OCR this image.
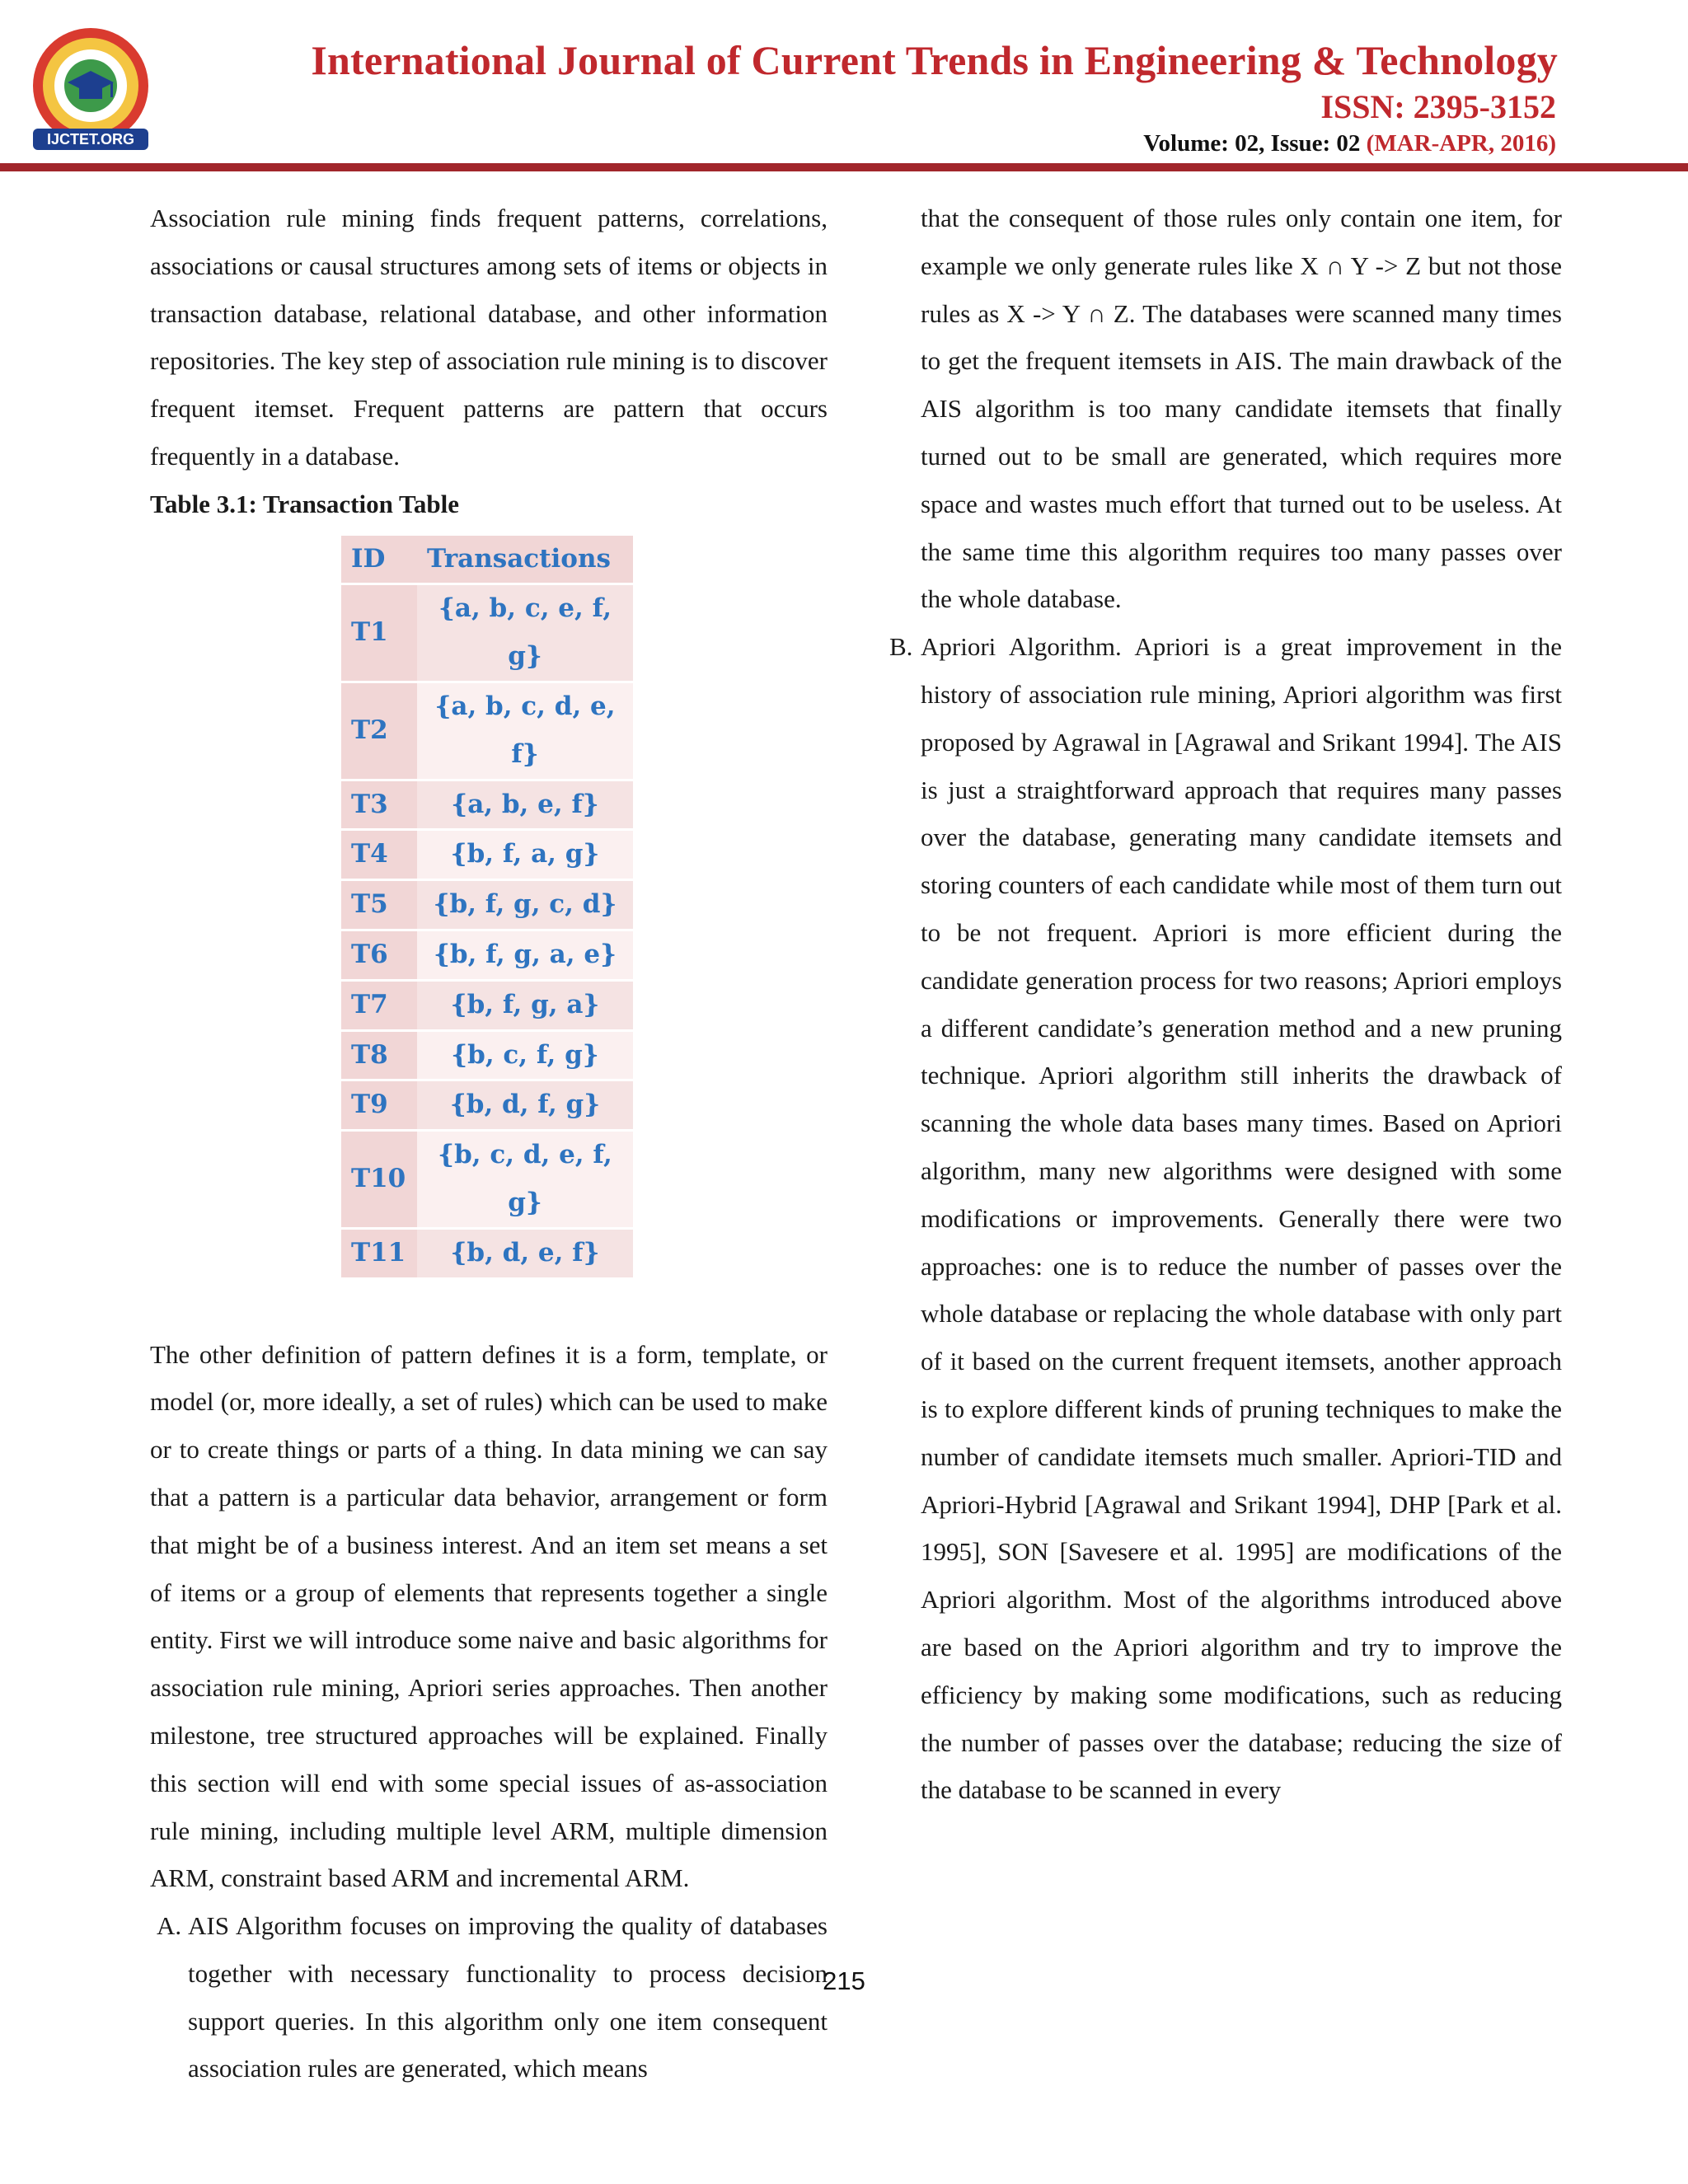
IJCTET.ORG
International Journal of Current Trends in Engineering & Technology
ISSN: 2395-3152
Volume: 02, Issue: 02 (MAR-APR, 2016)

Association rule mining finds frequent patterns, correlations, associations or causal structures among sets of items or objects in transaction database, relational database, and other information repositories. The key step of association rule mining is to discover frequent itemset. Frequent patterns are pattern that occurs frequently in a database.

Table 3.1: Transaction Table

ID	Transactions
T1	{a, b, c, e, f, g}
T2	{a, b, c, d, e, f}
T3	{a, b, e, f}
T4	{b, f, a, g}
T5	{b, f, g, c, d}
T6	{b, f, g, a, e}
T7	{b, f, g, a}
T8	{b, c, f, g}
T9	{b, d, f, g}
T10	{b, c, d, e, f, g}
T11	{b, d, e, f}

The other definition of pattern defines it is a form, template, or model (or, more ideally, a set of rules) which can be used to make or to create things or parts of a thing. In data mining we can say that a pattern is a particular data behavior, arrangement or form that might be of a business interest. And an item set means a set of items or a group of elements that represents together a single entity. First we will introduce some naive and basic algorithms for association rule mining, Apriori series approaches. Then another milestone, tree structured approaches will be explained. Finally this section will end with some special issues of as-association rule mining, including multiple level ARM, multiple dimension ARM, constraint based ARM and incremental ARM.

A. AIS Algorithm focuses on improving the quality of databases together with necessary functionality to process decision support queries. In this algorithm only one item consequent association rules are generated, which means

that the consequent of those rules only contain one item, for example we only generate rules like X ∩ Y -> Z but not those rules as X -> Y ∩ Z. The databases were scanned many times to get the frequent itemsets in AIS. The main drawback of the AIS algorithm is too many candidate itemsets that finally turned out to be small are generated, which requires more space and wastes much effort that turned out to be useless. At the same time this algorithm requires too many passes over the whole database.

B. Apriori Algorithm. Apriori is a great improvement in the history of association rule mining, Apriori algorithm was first proposed by Agrawal in [Agrawal and Srikant 1994]. The AIS is just a straightforward approach that requires many passes over the database, generating many candidate itemsets and storing counters of each candidate while most of them turn out to be not frequent. Apriori is more efficient during the candidate generation process for two reasons; Apriori employs a different candidate’s generation method and a new pruning technique. Apriori algorithm still inherits the drawback of scanning the whole data bases many times. Based on Apriori algorithm, many new algorithms were designed with some modifications or improvements. Generally there were two approaches: one is to reduce the number of passes over the whole database or replacing the whole database with only part of it based on the current frequent itemsets, another approach is to explore different kinds of pruning techniques to make the number of candidate itemsets much smaller. Apriori-TID and Apriori-Hybrid [Agrawal and Srikant 1994], DHP [Park et al. 1995], SON [Savesere et al. 1995] are modifications of the Apriori algorithm. Most of the algorithms introduced above are based on the Apriori algorithm and try to improve the efficiency by making some modifications, such as reducing the number of passes over the database; reducing the size of the database to be scanned in every

215
